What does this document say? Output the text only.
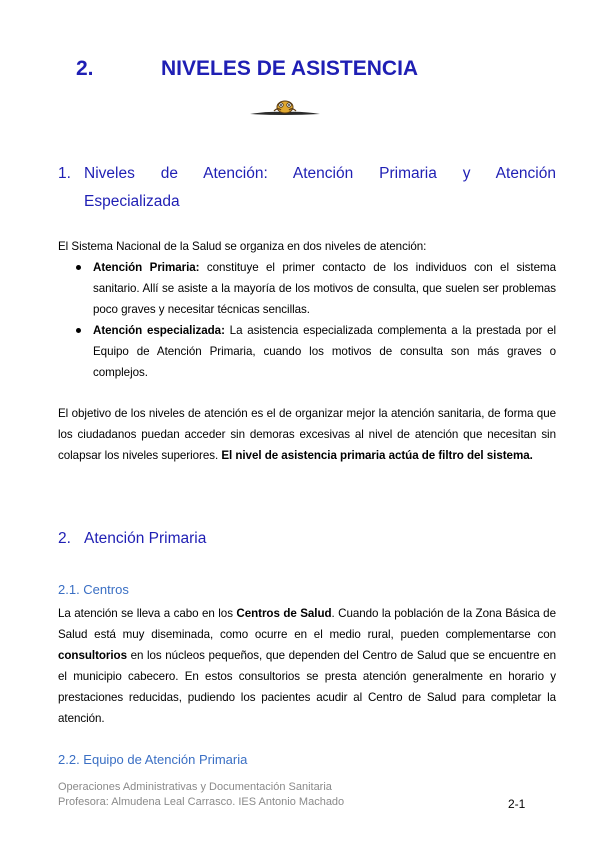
2.	NIVELES DE ASISTENCIA
1. Niveles de Atención: Atención Primaria y Atención
Especializada
El Sistema Nacional de la Salud se organiza en dos niveles de atención:
Atención Primaria: constituye el primer contacto de los individuos con el sistema sanitario. Allí se asiste a la mayoría de los motivos de consulta, que suelen ser problemas poco graves y necesitar técnicas sencillas.
Atención especializada: La asistencia especializada complementa a la prestada por el Equipo de Atención Primaria, cuando los motivos de consulta son más graves o complejos.
El objetivo de los niveles de atención es el de organizar mejor la atención sanitaria, de forma que los ciudadanos puedan acceder sin demoras excesivas al nivel de atención que necesitan sin colapsar los niveles superiores. El nivel de asistencia primaria actúa de filtro del sistema.
2. Atención Primaria
2.1. Centros
La atención se lleva a cabo en los Centros de Salud. Cuando la población de la Zona Básica de Salud está muy diseminada, como ocurre en el medio rural, pueden complementarse con consultorios en los núcleos pequeños, que dependen del Centro de Salud que se encuentre en el municipio cabecero. En estos consultorios se presta atención generalmente en horario y prestaciones reducidas, pudiendo los pacientes acudir al Centro de Salud para completar la atención.
2.2. Equipo de Atención Primaria
Operaciones Administrativas y Documentación Sanitaria
Profesora: Almudena Leal Carrasco. IES Antonio Machado	2-1
